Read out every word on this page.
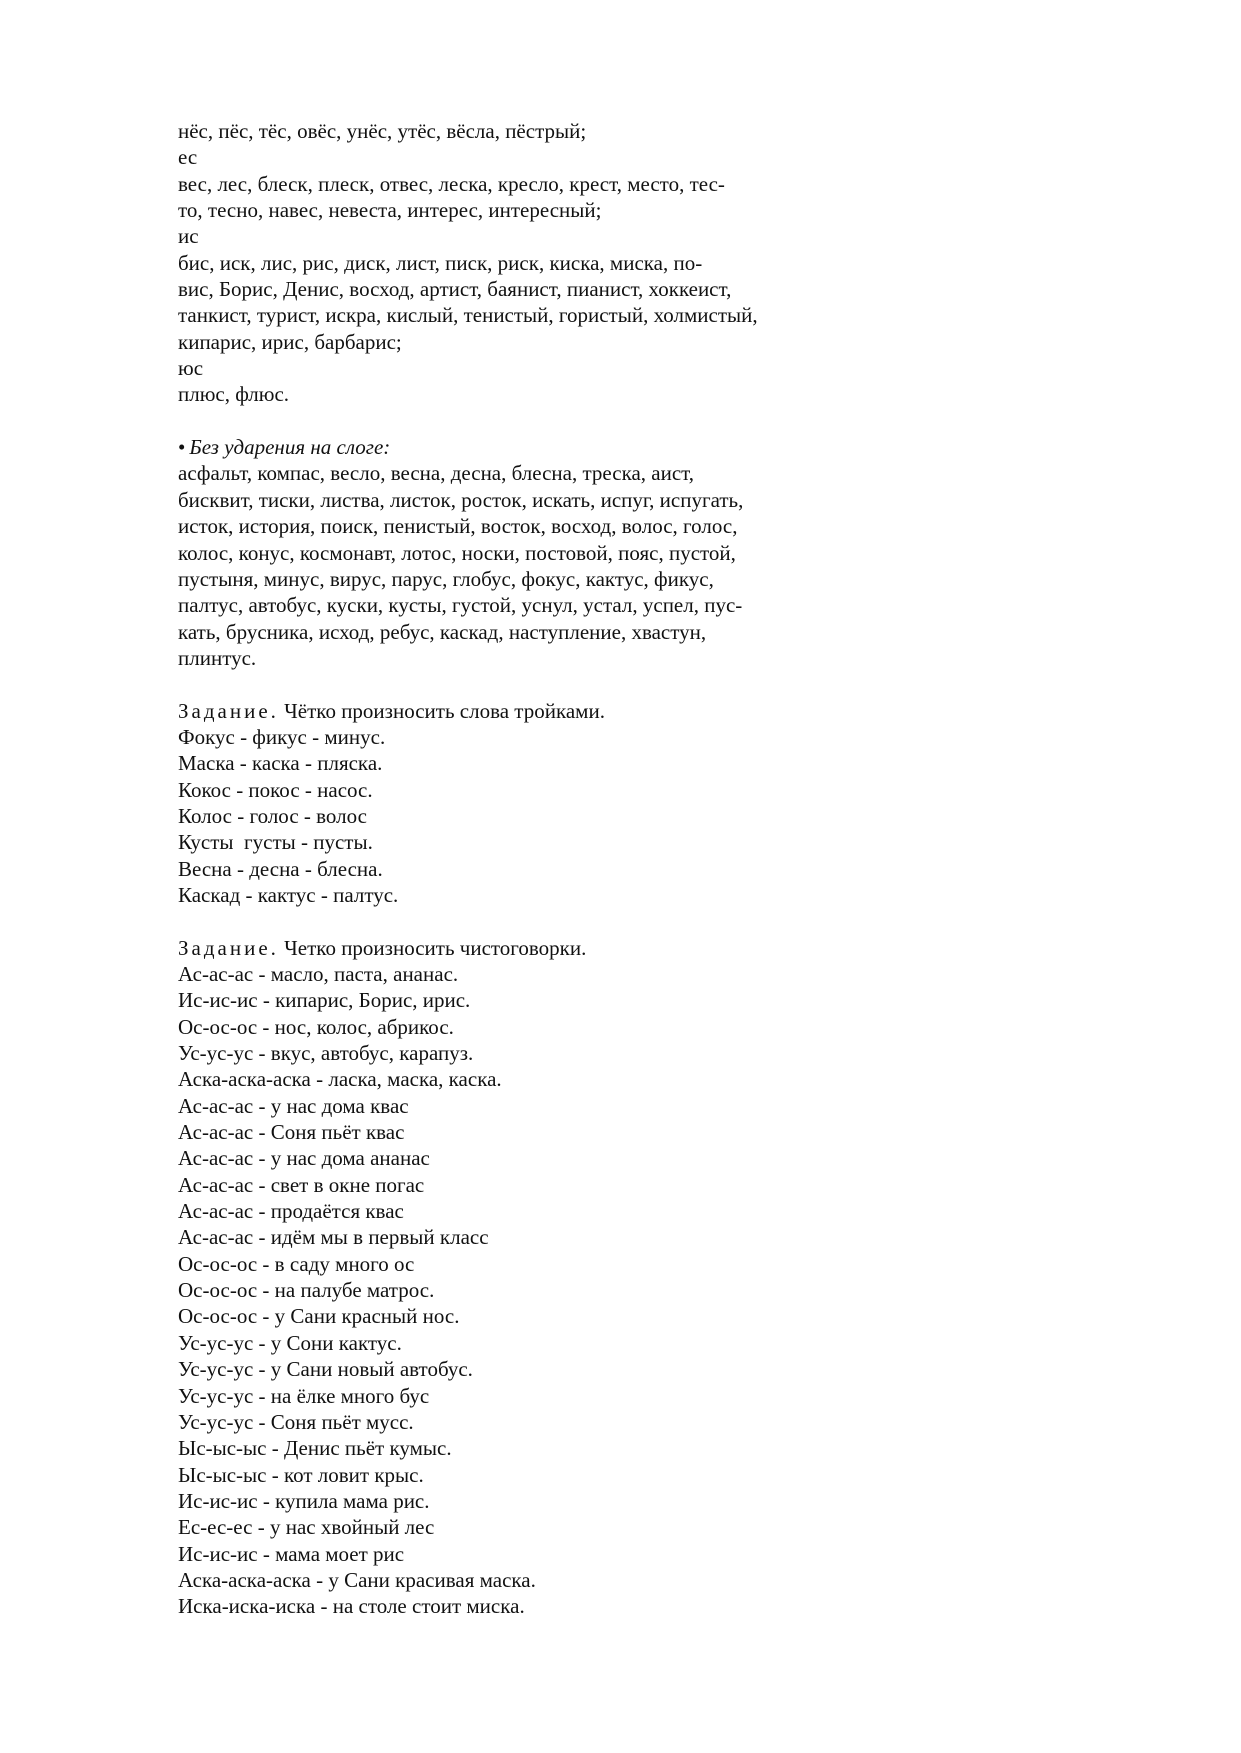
нёс, пёс, тёс, овёс, унёс, утёс, вёсла, пёстрый;
ес
вес, лес, блеск, плеск, отвес, леска, кресло, крест, место, тес-
то, тесно, навес, невеста, интерес, интересный;
ис
бис, иск, лис, рис, диск, лист, писк, риск, киска, миска, по-
вис, Борис, Денис, восход, артист, баянист, пианист, хоккеист,
танкист, турист, искра, кислый, тенистый, гористый, холмистый,
кипарис, ирис, барбарис;
юс
плюс, флюс.
• Без ударения на слоге:
асфальт, компас, весло, весна, десна, блесна, треска, аист,
бисквит, тиски, листва, листок, росток, искать, испуг, испугать,
исток, история, поиск, пенистый, восток, восход, волос, голос,
колос, конус, космонавт, лотос, носки, постовой, пояс, пустой,
пустыня, минус, вирус, парус, глобус, фокус, кактус, фикус,
палтус, автобус, куски, кусты, густой, уснул, устал, успел, пус-
кать, брусника, исход, ребус, каскад, наступление, хвастун,
плинтус.
Задание. Чётко произносить слова тройками.
Фокус - фикус - минус.
Маска - каска - пляска.
Кокос - покос - насос.
Колос - голос - волос
Кусты  густы - пусты.
Весна - десна - блесна.
Каскад - кактус - палтус.
Задание. Четко произносить чистоговорки.
Ас-ас-ас - масло, паста, ананас.
Ис-ис-ис - кипарис, Борис, ирис.
Ос-ос-ос - нос, колос, абрикос.
Ус-ус-ус - вкус, автобус, карапуз.
Аска-аска-аска - ласка, маска, каска.
Ас-ас-ас - у нас дома квас
Ас-ас-ас - Соня пьёт квас
Ас-ас-ас - у нас дома ананас
Ас-ас-ас - свет в окне погас
Ас-ас-ас - продаётся квас
Ас-ас-ас - идём мы в первый класс
Ос-ос-ос - в саду много ос
Ос-ос-ос - на палубе матрос.
Ос-ос-ос - у Сани красный нос.
Ус-ус-ус - у Сони кактус.
Ус-ус-ус - у Сани новый автобус.
Ус-ус-ус - на ёлке много бус
Ус-ус-ус - Соня пьёт мусс.
Ыс-ыс-ыс - Денис пьёт кумыс.
Ыс-ыс-ыс - кот ловит крыс.
Ис-ис-ис - купила мама рис.
Ес-ес-ес - у нас хвойный лес
Ис-ис-ис - мама моет рис
Аска-аска-аска - у Сани красивая маска.
Иска-иска-иска - на столе стоит миска.
